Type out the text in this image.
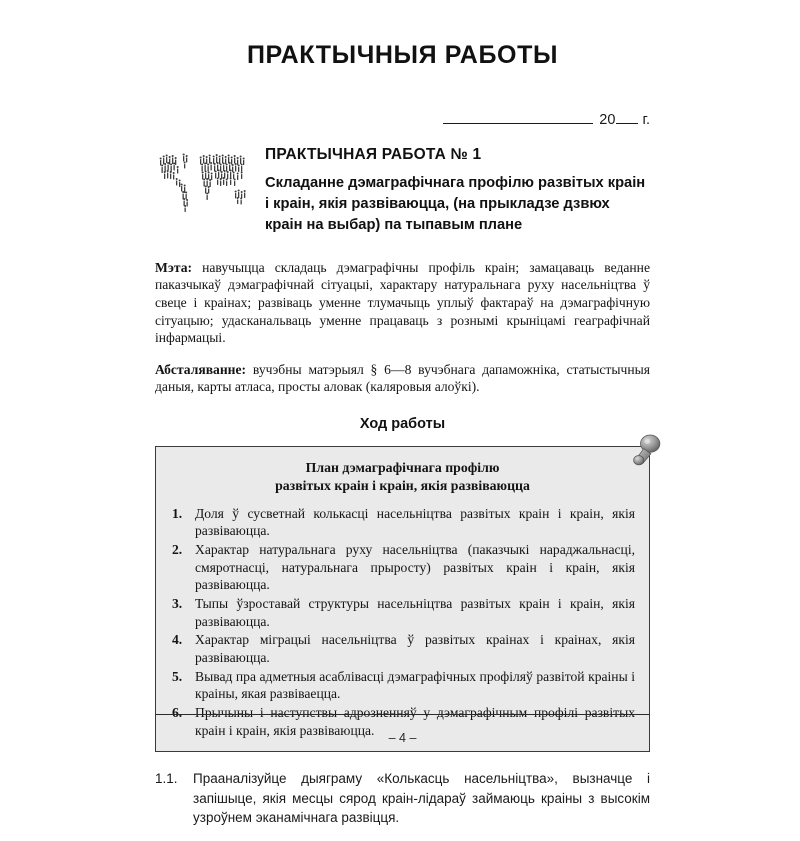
ПРАКТЫЧНЫЯ РАБОТЫ
20 г.
ПРАКТЫЧНАЯ РАБОТА № 1
Складанне дэмаграфічнага профілю развітых краін і краін, якія развіваюцца, (на прыкладзе дзвюх краін на выбар) па тыпавым плане

Мэта: навучыцца складаць дэмаграфічны профіль краін; замацаваць веданне паказчыкаў дэмаграфічнай сітуацыі, характару натуральнага руху насельніцтва ў свеце і краінах; развіваць уменне тлумачыць уплыў фактараў на дэмаграфічную сітуацыю; удасканальваць уменне працаваць з рознымі крыніцамі геаграфічнай інфармацыі.

Абсталяванне: вучэбны матэрыял § 6—8 вучэбнага дапаможніка, статыстычныя даныя, карты атласа, просты аловак (каляровыя алоўкі).

Ход работы
План дэмаграфічнага профілю
развітых краін і краін, якія развіваюцца
1. Доля ў сусветнай колькасці насельніцтва развітых краін і краін, якія развіваюцца.
2. Характар натуральнага руху насельніцтва (паказчыкі нараджальнасці, смяротнасці, натуральнага прыросту) развітых краін і краін, якія развіваюцца.
3. Тыпы ўзроставай структуры насельніцтва развітых краін і краін, якія развіваюцца.
4. Характар міграцыі насельніцтва ў развітых краінах і краінах, якія развіваюцца.
5. Вывад пра адметныя асаблівасці дэмаграфічных профіляў развітой краіны і краіны, якая развіваецца.
6. Прычыны і наступствы адрозненняў у дэмаграфічным профілі развітых краін і краін, якія развіваюцца.

1.1. Прааналізуйце дыяграму «Колькасць насельніцтва», вызначце і запішыце, якія месцы сярод краін-лідараў займаюць краіны з высокім узроўнем эканамічнага развіцця.

– 4 –
